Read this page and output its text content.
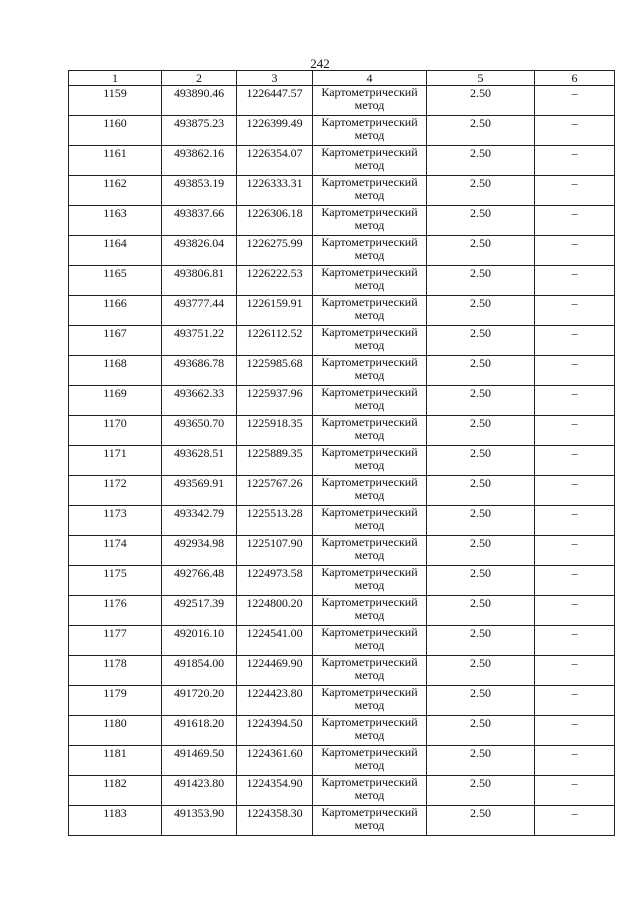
242
1	2	3	4	5	6
1159	493890.46	1226447.57	Картометрический метод	2.50	–
1160	493875.23	1226399.49	Картометрический метод	2.50	–
1161	493862.16	1226354.07	Картометрический метод	2.50	–
1162	493853.19	1226333.31	Картометрический метод	2.50	–
1163	493837.66	1226306.18	Картометрический метод	2.50	–
1164	493826.04	1226275.99	Картометрический метод	2.50	–
1165	493806.81	1226222.53	Картометрический метод	2.50	–
1166	493777.44	1226159.91	Картометрический метод	2.50	–
1167	493751.22	1226112.52	Картометрический метод	2.50	–
1168	493686.78	1225985.68	Картометрический метод	2.50	–
1169	493662.33	1225937.96	Картометрический метод	2.50	–
1170	493650.70	1225918.35	Картометрический метод	2.50	–
1171	493628.51	1225889.35	Картометрический метод	2.50	–
1172	493569.91	1225767.26	Картометрический метод	2.50	–
1173	493342.79	1225513.28	Картометрический метод	2.50	–
1174	492934.98	1225107.90	Картометрический метод	2.50	–
1175	492766.48	1224973.58	Картометрический метод	2.50	–
1176	492517.39	1224800.20	Картометрический метод	2.50	–
1177	492016.10	1224541.00	Картометрический метод	2.50	–
1178	491854.00	1224469.90	Картометрический метод	2.50	–
1179	491720.20	1224423.80	Картометрический метод	2.50	–
1180	491618.20	1224394.50	Картометрический метод	2.50	–
1181	491469.50	1224361.60	Картометрический метод	2.50	–
1182	491423.80	1224354.90	Картометрический метод	2.50	–
1183	491353.90	1224358.30	Картометрический метод	2.50	–
